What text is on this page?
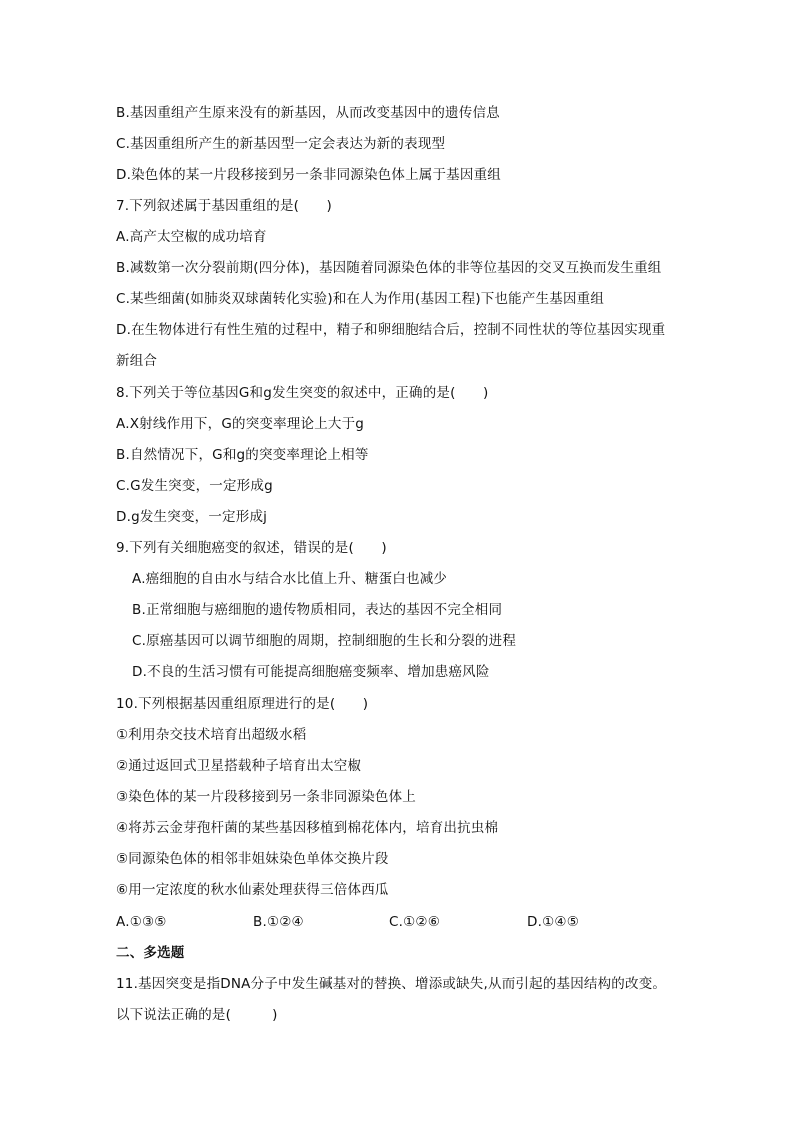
B.基因重组产生原来没有的新基因，从而改变基因中的遗传信息
C.基因重组所产生的新基因型一定会表达为新的表现型
D.染色体的某一片段移接到另一条非同源染色体上属于基因重组
7.下列叙述属于基因重组的是(　　)
A.高产太空椒的成功培育
B.减数第一次分裂前期(四分体)，基因随着同源染色体的非等位基因的交叉互换而发生重组
C.某些细菌(如肺炎双球菌转化实验)和在人为作用(基因工程)下也能产生基因重组
D.在生物体进行有性生殖的过程中，精子和卵细胞结合后，控制不同性状的等位基因实现重
新组合
8.下列关于等位基因G和g发生突变的叙述中，正确的是(　　)
A.X射线作用下，G的突变率理论上大于g
B.自然情况下，G和g的突变率理论上相等
C.G发生突变，一定形成g
D.g发生突变，一定形成j
9.下列有关细胞癌变的叙述，错误的是(　　)
A.癌细胞的自由水与结合水比值上升、糖蛋白也减少
B.正常细胞与癌细胞的遗传物质相同，表达的基因不完全相同
C.原癌基因可以调节细胞的周期，控制细胞的生长和分裂的进程
D.不良的生活习惯有可能提高细胞癌变频率、增加患癌风险
10.下列根据基因重组原理进行的是(　　)
①利用杂交技术培育出超级水稻
②通过返回式卫星搭载种子培育出太空椒
③染色体的某一片段移接到另一条非同源染色体上
④将苏云金芽孢杆菌的某些基因移植到棉花体内，培育出抗虫棉
⑤同源染色体的相邻非姐妹染色单体交换片段
⑥用一定浓度的秋水仙素处理获得三倍体西瓜
A.①③⑤	B.①②④	C.①②⑥	D.①④⑤
二、多选题
11.基因突变是指DNA分子中发生碱基对的替换、增添或缺失,从而引起的基因结构的改变。
以下说法正确的是(　　　)
